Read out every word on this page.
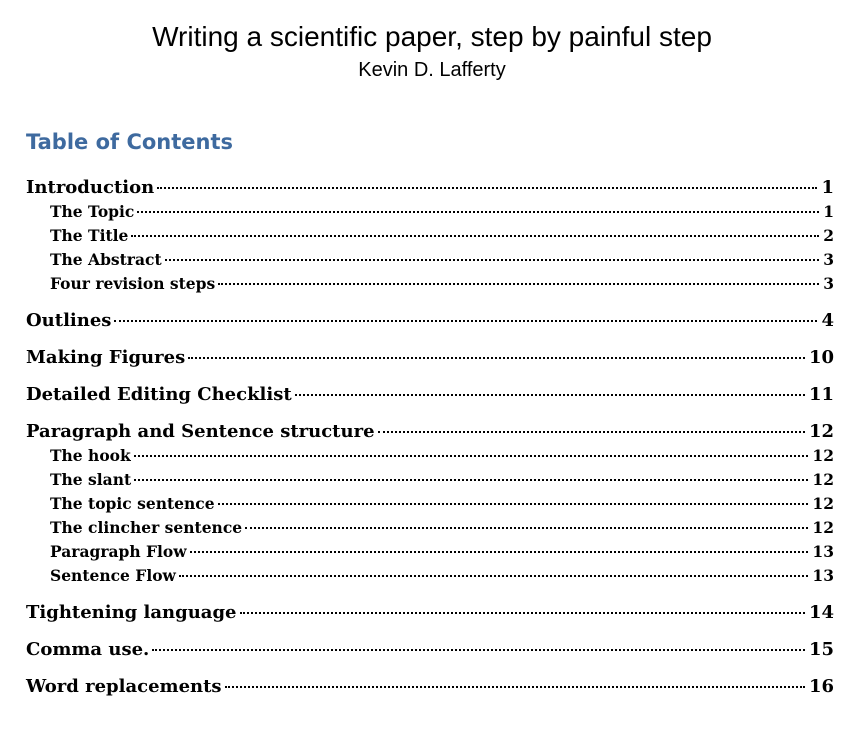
Writing a scientific paper, step by painful step
Kevin D. Lafferty
Table of Contents
Introduction	1
The Topic	1
The Title	2
The Abstract	3
Four revision steps	3
Outlines	4
Making Figures	10
Detailed Editing Checklist	11
Paragraph and Sentence structure	12
The hook	12
The slant	12
The topic sentence	12
The clincher sentence	12
Paragraph Flow	13
Sentence Flow	13
Tightening language	14
Comma use.	15
Word replacements	16
